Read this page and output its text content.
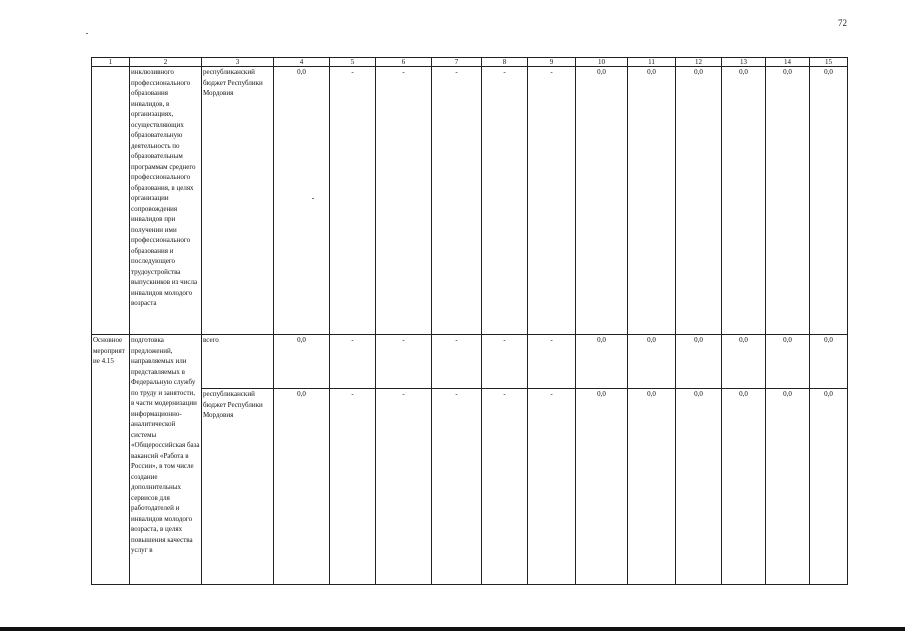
72
1	2	3	4	5	6	7	8	9	10	11	12	13	14	15
	инклюзивного профессионального образования инвалидов, в организациях, осуществляющих образовательную деятельность по образовательным программам среднего профессионального образования, в целях организации сопровождения инвалидов при получении ими профессионального образования и последующего трудоустройства выпускников из числа инвалидов молодого возраста	республиканский бюджет Республики Мордовия	0,0	-	-	-	-	-	0,0	0,0	0,0	0,0	0,0	0,0
Основное мероприятие 4.15	подготовка предложений, направляемых или представляемых в Федеральную службу по труду и занятости, в части модернизации информационно-аналитической системы «Общероссийская база вакансий «Работа в России», в том числе создание дополнительных сервисов для работодателей и инвалидов молодого возраста, в целях повышения качества услуг в	всего	0,0	-	-	-	-	-	0,0	0,0	0,0	0,0	0,0	0,0
		республиканский бюджет Республики Мордовия	0,0	-	-	-	-	-	0,0	0,0	0,0	0,0	0,0	0,0
